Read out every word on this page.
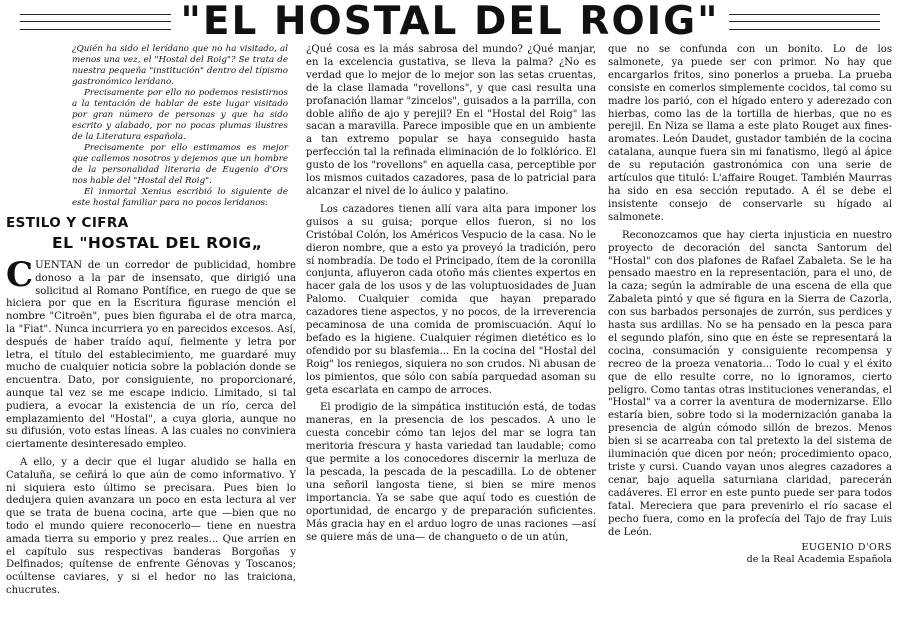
"EL HOSTAL DEL ROIG"

¿Quién ha sido el lerídano que no ha visitado, al menos una vez, el "Hostal del Roig"? Se trata de nuestra pequeña "institución" dentro del típismo gastronómico lerídano.

Precisamente por ello no podemos resistirnos a la tentación de hablar de este lugar visitado por gran número de personas y que ha sido escrito y alabado, por no pocas plumas ilustres de la Literatura española.

Precisamente por ello estimamos es mejor que callemos nosotros y dejemos que un hombre de la personalidad literaria de Eugenio d'Ors nos hable del "Hostal del Roig".

El inmortal Xenius escribió lo siguiente de este hostal familiar para no pocos leridanos:

ESTILO Y CIFRA
EL "HOSTAL DEL ROIG„

CUENTAN de un corredor de publicidad, hombre donoso a la par de insensato, que dirigió una solicitud al Romano Pontífice, en ruego de que se hiciera por que en la Escritura figurase mención el nombre "Citroën", pues bien figuraba el de otra marca, la "Fiat". Nunca incurriera yo en parecidos excesos. Así, después de haber traído aquí, fielmente y letra por letra, el título del establecimiento, me guardaré muy mucho de cualquier noticia sobre la población donde se encuentra. Dato, por consiguiente, no proporcionaré, aunque tal vez se me escape indicio. Limitado, si tal pudiera, a evocar la existencia de un río, cerca del emplazamiento del "Hostal", a cuya gloria, aunque no su difusión, voto estas líneas. A las cuales no conviniera ciertamente desinteresado empleo.

A ello, y a decir que el lugar aludido se halla en Cataluña, se ceñirá lo que aún de como informativo. Y ni siquiera esto último se precisara. Pues bien lo dedujera quien avanzara un poco en esta lectura al ver que se trata de buena cocina, arte que —bien que no todo el mundo quiere reconocerlo— tiene en nuestra amada tierra su emporio y prez reales... Que arríen en el capítulo sus respectivas banderas Borgoñas y Delfinados; quítense de enfrente Génovas y Toscanos; ocúltense caviares, y si el hedor no las traiciona, chucrutes.

¿Qué cosa es la más sabrosa del mundo? ¿Qué manjar, en la excelencia gustativa, se lleva la palma? ¿No es verdad que lo mejor de lo mejor son las setas cruentas, de la clase llamada "rovellons", y que casi resulta una profanación llamar "zincelos", guisados a la parrilla, con doble aliño de ajo y perejil? En el "Hostal del Roig" las sacan a maravilla. Parece imposible que en un ambiente a tan extremo popular se haya conseguido hasta perfección tal la refinada eliminación de lo folklórico. El gusto de los "rovellons" en aquella casa, perceptible por los mismos cuitados cazadores, pasa de lo patricial para alcanzar el nivel de lo áulico y palatino.

Los cazadores tienen allí vara alta para imponer los guisos a su guisa; porque ellos fueron, si no los Cristóbal Colón, los Américos Vespucio de la casa. No le dieron nombre, que a esto ya proveyó la tradición, pero sí nombradía. De todo el Principado, ítem de la coronilla conjunta, afluyeron cada otoño más clientes expertos en hacer gala de los usos y de las voluptuosidades de Juan Palomo. Cualquier comida que hayan preparado cazadores tiene aspectos, y no pocos, de la irreverencia pecaminosa de una comida de promiscuación. Aquí lo befado es la higiene. Cualquier régimen dietético es lo ofendido por su blasfemia... En la cocina del "Hostal del Roig" los reniegos, siquiera no son crudos. Ni abusan de los pimientos, que sólo con sabía parquedad asoman su geta escarlata en campo de arroces.

El prodigio de la simpática institución está, de todas maneras, en la presencia de los pescados. A uno le cuesta concebir cómo tan lejos del mar se logra tan meritoria frescura y hasta variedad tan laudable; como que permite a los conocedores discernir la merluza de la pescada, la pescada de la pescadilla. Lo de obtener una señoril langosta tiene, si bien se mire menos importancia. Ya se sabe que aquí todo es cuestión de oportunidad, de encargo y de preparación suficientes. Más gracia hay en el arduo logro de unas raciones —así se quiere más de una— de changueto o de un atún,

que no se confunda con un bonito. Lo de los salmonete, ya puede ser con primor. No hay que encargarlos fritos, sino ponerlos a prueba. La prueba consiste en comerlos simplemente cocidos, tal como su madre los parió, con el hígado entero y aderezado con hierbas, como las de la tortilla de hierbas, que no es perejil. En Niza se llama a este plato Rouget aux fines-aromates. León Daudet, gustador también de la cocina catalana, aunque fuera sin mi fanatismo, llegó al ápice de su reputación gastronómica con una serie de artículos que tituló: L'affaire Rouget. También Maurras ha sido en esa sección reputado. A él se debe el insistente consejo de conservarle su hígado al salmonete.

Reconozcamos que hay cierta injusticia en nuestro proyecto de decoración del sancta Santorum del "Hostal" con dos plafones de Rafael Zabaleta. Se le ha pensado maestro en la representación, para el uno, de la caza; según la admirable de una escena de ella que Zabaleta pintó y que sé figura en la Sierra de Cazorla, con sus barbados personajes de zurrón, sus perdices y hasta sus ardillas. No se ha pensado en la pesca para el segundo plafón, sino que en éste se representará la cocina, consumación y consiguiente recompensa y recreo de la proeza venatoria... Todo lo cual y el éxito que de ello resulte corre, no lo ignoramos, cierto peligro. Como tantas otras instituciones venerandas, el "Hostal" va a correr la aventura de modernizarse. Ello estaría bien, sobre todo si la modernización ganaba la presencia de algún cómodo sillón de brezos. Menos bien si se acarreaba con tal pretexto la del sistema de iluminación que dicen por neón; procedimiento opaco, triste y cursi. Cuando vayan unos alegres cazadores a cenar, bajo aquella saturniana claridad, parecerán cadáveres. El error en este punto puede ser para todos fatal. Mereciera que para prevenirlo el río sacase el pecho fuera, como en la profecía del Tajo de fray Luis de León.

EUGENIO D'ORS
de la Real Academia Española
